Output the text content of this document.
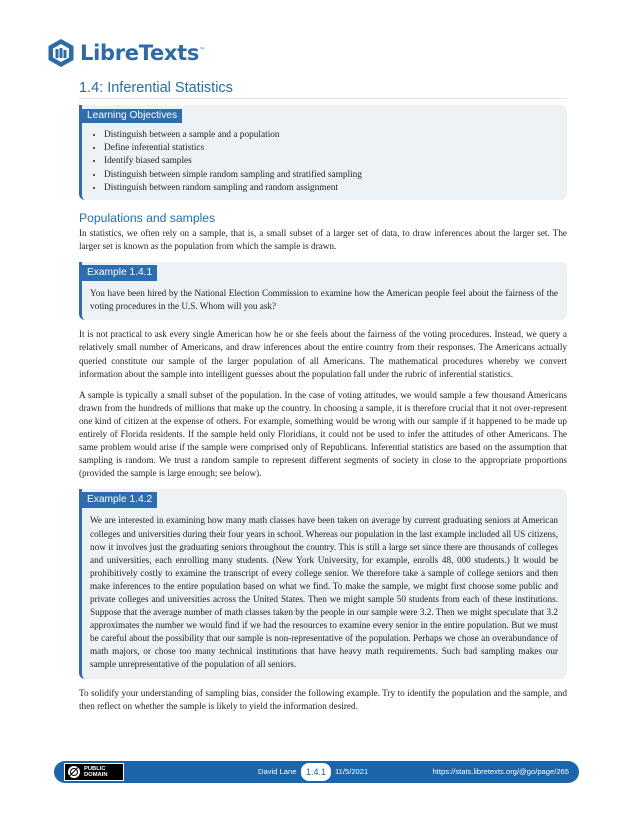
LibreTexts™
1.4: Inferential Statistics
Learning Objectives
• Distinguish between a sample and a population
• Define inferential statistics
• Identify biased samples
• Distinguish between simple random sampling and stratified sampling
• Distinguish between random sampling and random assignment
Populations and samples

In statistics, we often rely on a sample, that is, a small subset of a larger set of data, to draw inferences about the larger set. The larger set is known as the population from which the sample is drawn.

Example 1.4.1

You have been hired by the National Election Commission to examine how the American people feel about the fairness of the voting procedures in the U.S. Whom will you ask?

It is not practical to ask every single American how he or she feels about the fairness of the voting procedures. Instead, we query a relatively small number of Americans, and draw inferences about the entire country from their responses. The Americans actually queried constitute our sample of the larger population of all Americans. The mathematical procedures whereby we convert information about the sample into intelligent guesses about the population fall under the rubric of inferential statistics.

A sample is typically a small subset of the population. In the case of voting attitudes, we would sample a few thousand Americans drawn from the hundreds of millions that make up the country. In choosing a sample, it is therefore crucial that it not over-represent one kind of citizen at the expense of others. For example, something would be wrong with our sample if it happened to be made up entirely of Florida residents. If the sample held only Floridians, it could not be used to infer the attitudes of other Americans. The same problem would arise if the sample were comprised only of Republicans. Inferential statistics are based on the assumption that sampling is random. We trust a random sample to represent different segments of society in close to the appropriate proportions (provided the sample is large enough; see below).

Example 1.4.2

We are interested in examining how many math classes have been taken on average by current graduating seniors at American colleges and universities during their four years in school. Whereas our population in the last example included all US citizens, now it involves just the graduating seniors throughout the country. This is still a large set since there are thousands of colleges and universities, each enrolling many students. (New York University, for example, enrolls 48, 000 students.) It would be prohibitively costly to examine the transcript of every college senior. We therefore take a sample of college seniors and then make inferences to the entire population based on what we find. To make the sample, we might first choose some public and private colleges and universities across the United States. Then we might sample 50 students from each of these institutions. Suppose that the average number of math classes taken by the people in our sample were 3.2. Then we might speculate that 3.2 approximates the number we would find if we had the resources to examine every senior in the entire population. But we must be careful about the possibility that our sample is non-representative of the population. Perhaps we chose an overabundance of math majors, or chose too many technical institutions that have heavy math requirements. Such bad sampling makes our sample unrepresentative of the population of all seniors.

To solidify your understanding of sampling bias, consider the following example. Try to identify the population and the sample, and then reflect on whether the sample is likely to yield the information desired.

PUBLIC
DOMAIN	David Lane	1.4.1	11/5/2021	https://stats.libretexts.org/@go/page/265
